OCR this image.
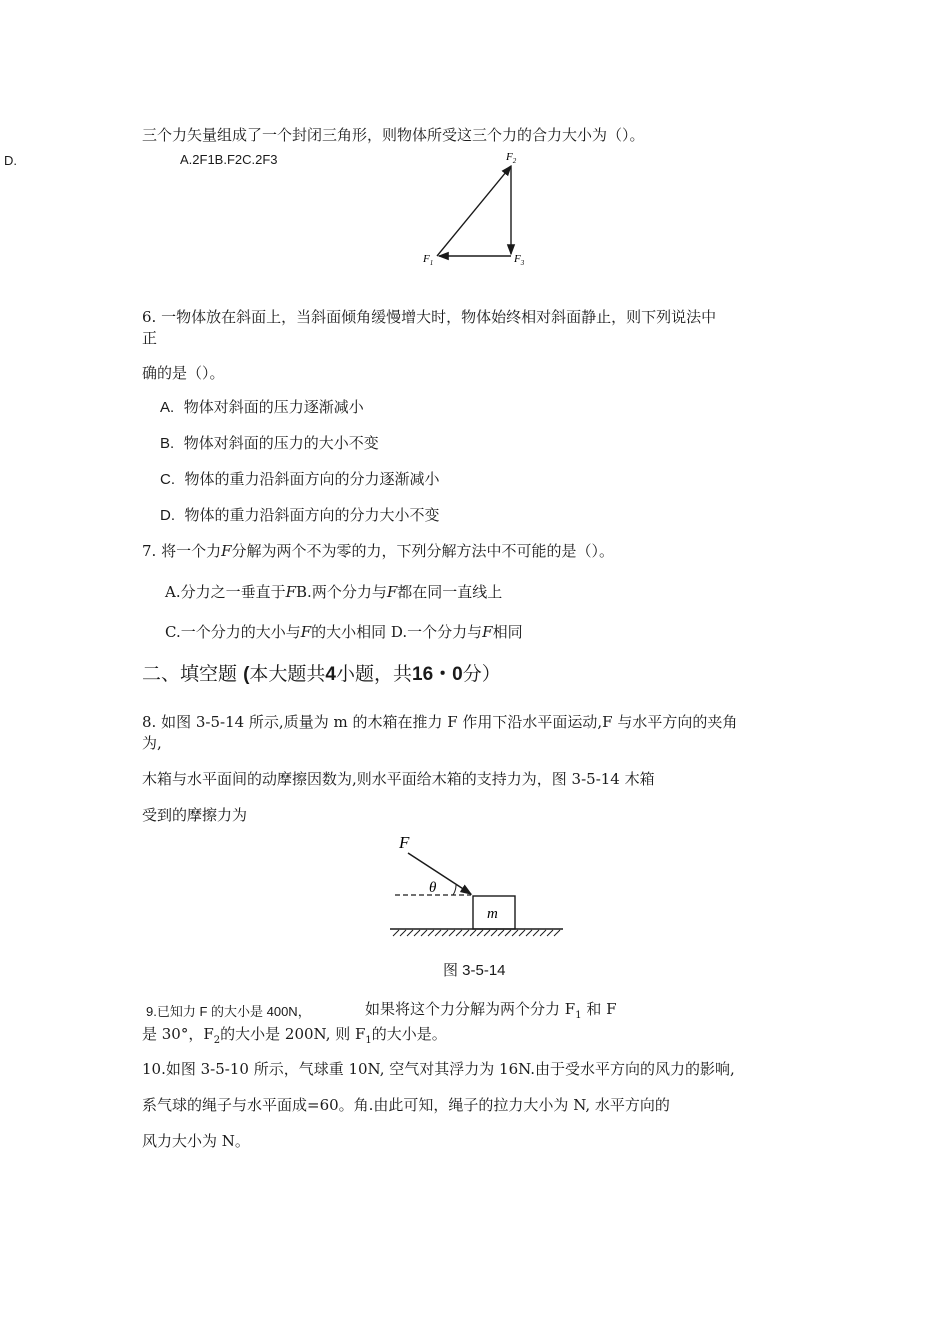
三个力矢量组成了一个封闭三角形，则物体所受这三个力的合力大小为（）。
D.	A.2F1B.F2C.2F3	$F_2$
$F_1$	$F_3$
6. 一物体放在斜面上，当斜面倾角缓慢增大时，物体始终相对斜面静止，则下列说法中
正
确的是（）。
A. 物体对斜面的压力逐渐减小
B. 物体对斜面的压力的大小不变
C. 物体的重力沿斜面方向的分力逐渐减小
D. 物体的重力沿斜面方向的分力大小不变
7. 将一个力F分解为两个不为零的力，下列分解方法中不可能的是（）。
A.分力之一垂直于FB.两个分力与F都在同一直线上
C.一个分力的大小与F的大小相同 D.一个分力与F相同
二、填空题 (本大题共4小题，共16・0分）
8. 如图 3-5-14 所示,质量为 m 的木箱在推力 F 作用下沿水平面运动,F 与水平方向的夹角
为,
木箱与水平面间的动摩擦因数为,则水平面给木箱的支持力为，图 3-5-14 木箱
受到的摩擦力为
F
θ
m
图 3-5-14
9.已知力 F 的大小是 400N，	如果将这个力分解为两个分力 $F_1$ 和 F
是 30°，$F_2$的大小是 200N, 则 $F_1$的大小是。
10.如图 3-5-10 所示，气球重 10N, 空气对其浮力为 16N.由于受水平方向的风力的影响,
系气球的绳子与水平面成=60。角.由此可知，绳子的拉力大小为 N, 水平方向的
风力大小为 N。
